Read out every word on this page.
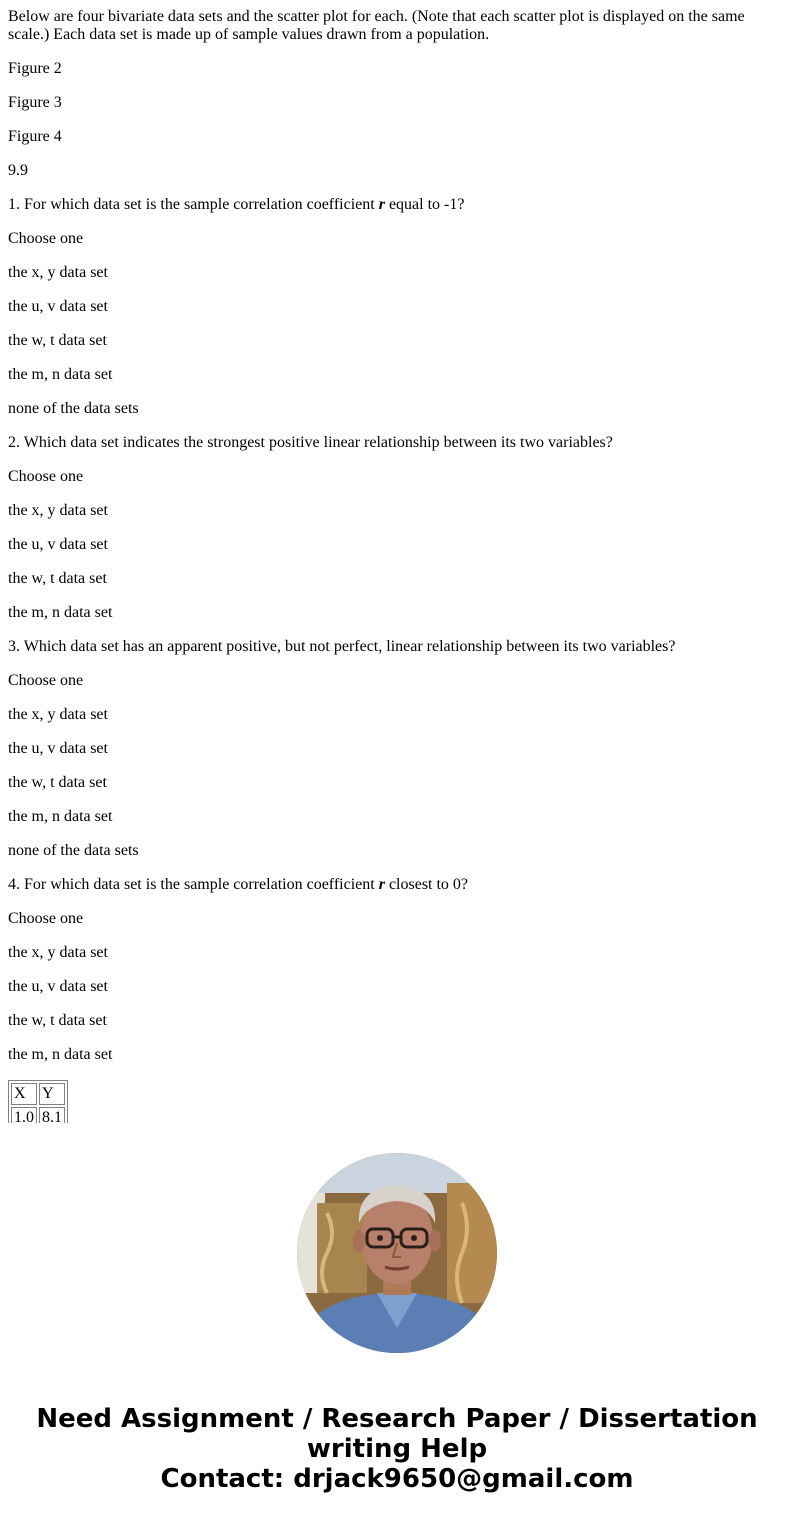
Below are four bivariate data sets and the scatter plot for each. (Note that each scatter plot is displayed on the same scale.) Each data set is made up of sample values drawn from a population.

Figure 2
Figure 3
Figure 4
9.9
1. For which data set is the sample correlation coefficient r equal to -1?
Choose one
the x, y data set
the u, v data set
the w, t data set
the m, n data set
none of the data sets
2. Which data set indicates the strongest positive linear relationship between its two variables?
Choose one
the x, y data set
the u, v data set
the w, t data set
the m, n data set
3. Which data set has an apparent positive, but not perfect, linear relationship between its two variables?
Choose one
the x, y data set
the u, v data set
the w, t data set
the m, n data set
none of the data sets
4. For which data set is the sample correlation coefficient r closest to 0?
Choose one
the x, y data set
the u, v data set
the w, t data set
the m, n data set
X	Y
1.0	8.1
Need Assignment / Research Paper / Dissertation
writing Help
Contact: drjack9650@gmail.com
